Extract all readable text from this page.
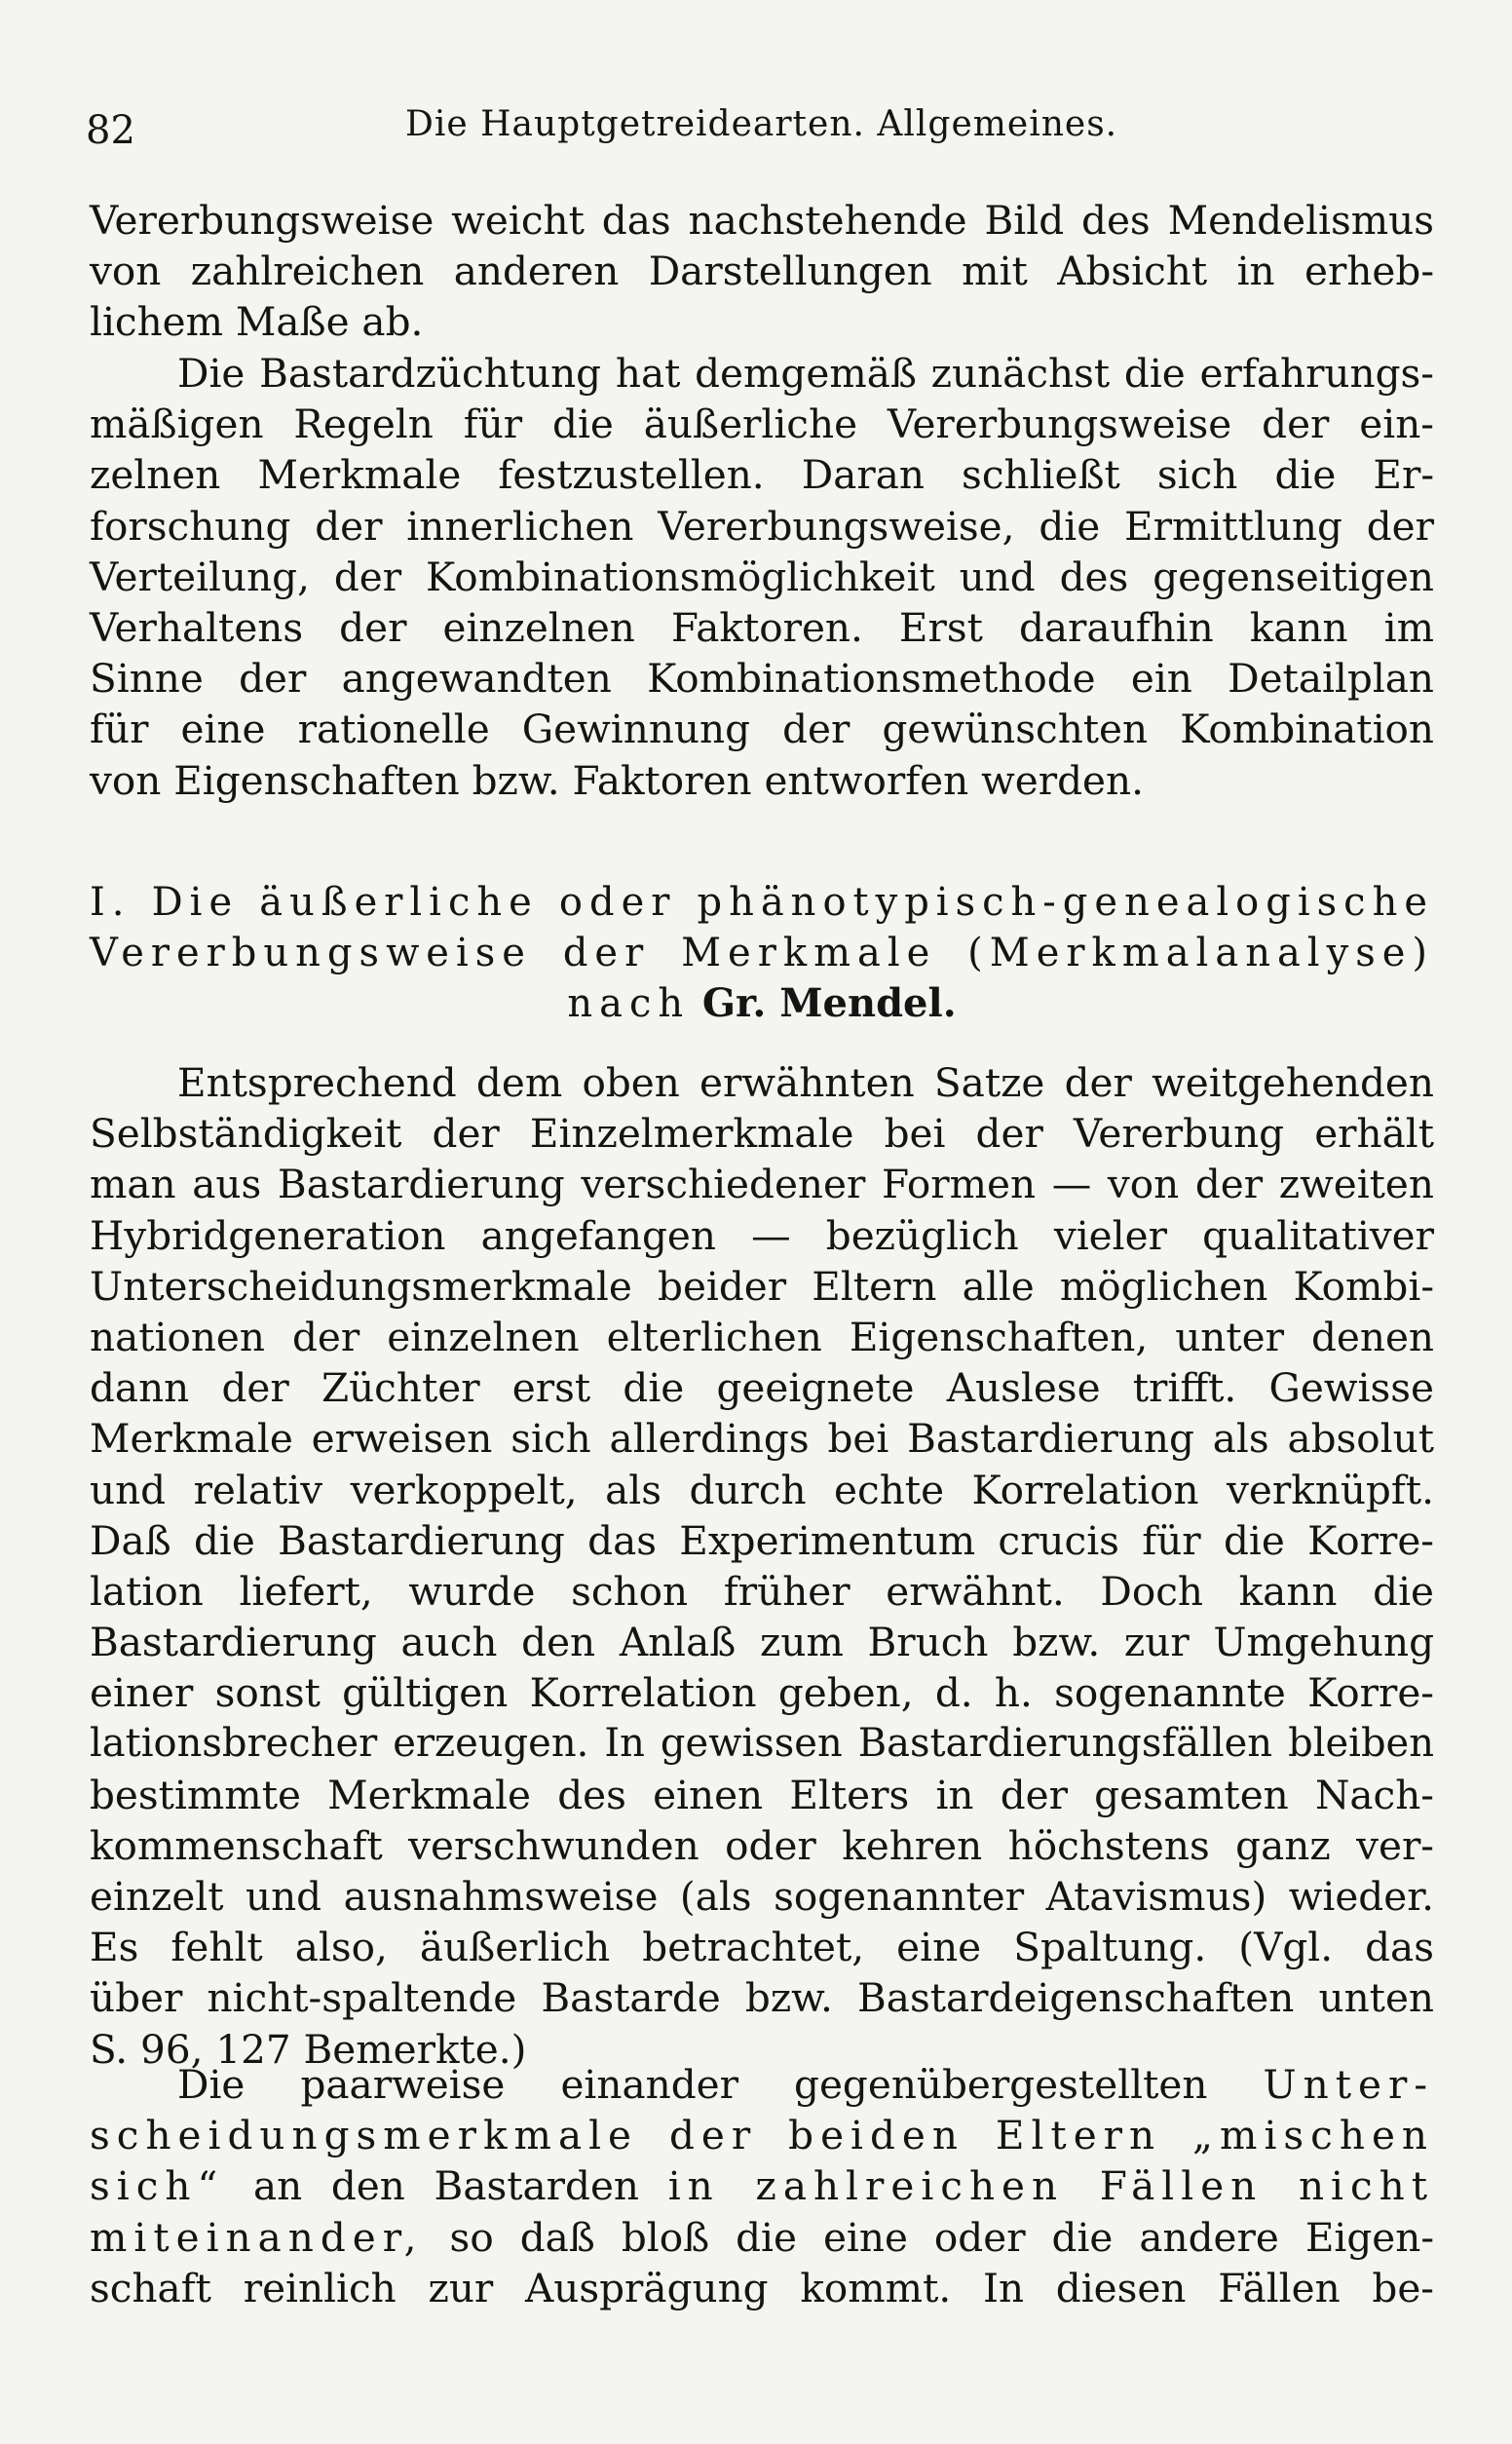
82	Die Hauptgetreidearten. Allgemeines.
Vererbungsweise weicht das nachstehende Bild des Mendelismus
von zahlreichen anderen Darstellungen mit Absicht in erheb-
lichem Maße ab.
Die Bastardzüchtung hat demgemäß zunächst die erfahrungs-
mäßigen Regeln für die äußerliche Vererbungsweise der ein-
zelnen Merkmale festzustellen. Daran schließt sich die Er-
forschung der innerlichen Vererbungsweise, die Ermittlung der
Verteilung, der Kombinationsmöglichkeit und des gegenseitigen
Verhaltens der einzelnen Faktoren. Erst daraufhin kann im
Sinne der angewandten Kombinationsmethode ein Detailplan
für eine rationelle Gewinnung der gewünschten Kombination
von Eigenschaften bzw. Faktoren entworfen werden.
I. Die äußerliche oder phänotypisch-genealogische
Vererbungsweise der Merkmale (Merkmalanalyse)
nach Gr. Mendel.
Entsprechend dem oben erwähnten Satze der weitgehenden
Selbständigkeit der Einzelmerkmale bei der Vererbung erhält
man aus Bastardierung verschiedener Formen — von der zweiten
Hybridgeneration angefangen — bezüglich vieler qualitativer
Unterscheidungsmerkmale beider Eltern alle möglichen Kombi-
nationen der einzelnen elterlichen Eigenschaften, unter denen
dann der Züchter erst die geeignete Auslese trifft. Gewisse
Merkmale erweisen sich allerdings bei Bastardierung als absolut
und relativ verkoppelt, als durch echte Korrelation verknüpft.
Daß die Bastardierung das Experimentum crucis für die Korre-
lation liefert, wurde schon früher erwähnt. Doch kann die
Bastardierung auch den Anlaß zum Bruch bzw. zur Umgehung
einer sonst gültigen Korrelation geben, d. h. sogenannte Korre-
lationsbrecher erzeugen. In gewissen Bastardierungsfällen bleiben
bestimmte Merkmale des einen Elters in der gesamten Nach-
kommenschaft verschwunden oder kehren höchstens ganz ver-
einzelt und ausnahmsweise (als sogenannter Atavismus) wieder.
Es fehlt also, äußerlich betrachtet, eine Spaltung. (Vgl. das
über nicht-spaltende Bastarde bzw. Bastardeigenschaften unten
S. 96, 127 Bemerkte.)
Die paarweise einander gegenübergestellten Unter-
scheidungsmerkmale der beiden Eltern „mischen
sich“ an den Bastarden in zahlreichen Fällen nicht
miteinander, so daß bloß die eine oder die andere Eigen-
schaft reinlich zur Ausprägung kommt. In diesen Fällen be-
